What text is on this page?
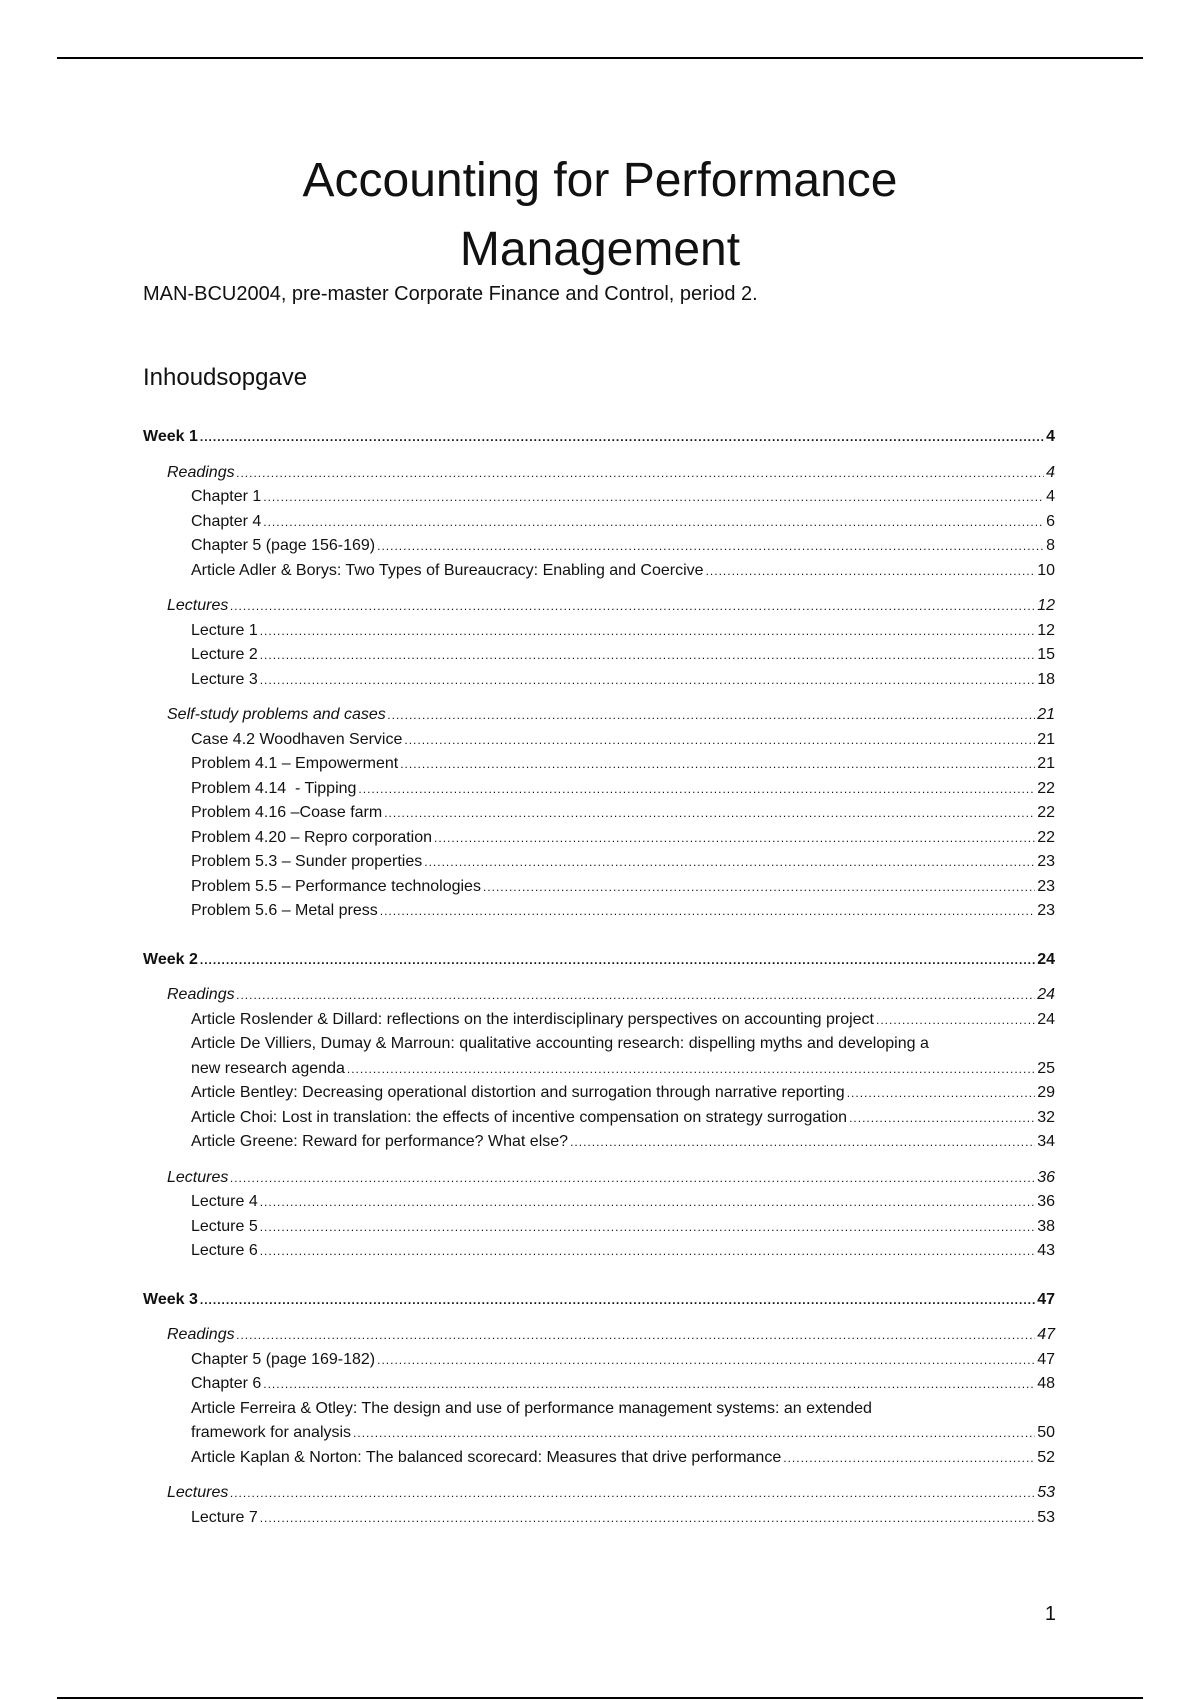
Accounting for Performance
Management

MAN-BCU2004, pre-master Corporate Finance and Control, period 2.

Inhoudsopgave
Week 1 .....	4
Readings .....	4
Chapter 1 .....	4
Chapter 4 .....	6
Chapter 5 (page 156-169) .....	8
Article Adler & Borys: Two Types of Bureaucracy: Enabling and Coercive .....	10
Lectures .....	12
Lecture 1 .....	12
Lecture 2 .....	15
Lecture 3 .....	18
Self-study problems and cases .....	21
Case 4.2 Woodhaven Service .....	21
Problem 4.1 – Empowerment .....	21
Problem 4.14  - Tipping .....	22
Problem 4.16 –Coase farm .....	22
Problem 4.20 – Repro corporation .....	22
Problem 5.3 – Sunder properties .....	23
Problem 5.5 – Performance technologies .....	23
Problem 5.6 – Metal press .....	23
Week 2 .....	24
Readings .....	24
Article Roslender & Dillard: reflections on the interdisciplinary perspectives on accounting project .....	24
Article De Villiers, Dumay & Marroun: qualitative accounting research: dispelling myths and developing a
new research agenda .....	25
Article Bentley: Decreasing operational distortion and surrogation through narrative reporting .....	29
Article Choi: Lost in translation: the effects of incentive compensation on strategy surrogation .....	32
Article Greene: Reward for performance? What else? .....	34
Lectures .....	36
Lecture 4 .....	36
Lecture 5 .....	38
Lecture 6 .....	43
Week 3 .....	47
Readings .....	47
Chapter 5 (page 169-182) .....	47
Chapter 6 .....	48
Article Ferreira & Otley: The design and use of performance management systems: an extended
framework for analysis .....	50
Article Kaplan & Norton: The balanced scorecard: Measures that drive performance .....	52
Lectures .....	53
Lecture 7 .....	53
1
